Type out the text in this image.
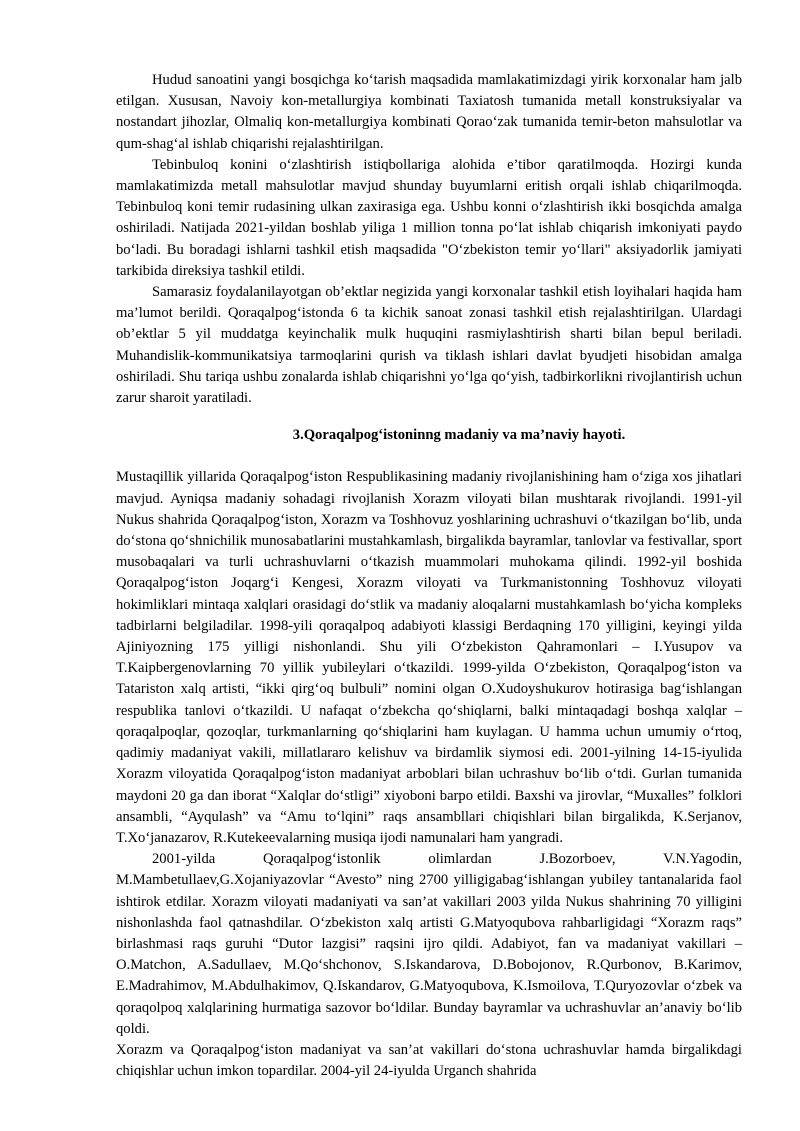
Hudud sanoatini yangi bosqichga ko‘tarish maqsadida mamlakatimizdagi yirik korxonalar ham jalb etilgan. Xususan, Navoiy kon-metallurgiya kombinati Taxiatosh tumanida metall konstruksiyalar va nostandart jihozlar, Olmaliq kon-metallurgiya kombinati Qorao‘zak tumanida temir-beton mahsulotlar va qum-shag‘al ishlab chiqarishi rejalashtirilgan.

Tebinbuloq konini o‘zlashtirish istiqbollariga alohida e’tibor qaratilmoqda. Hozirgi kunda mamlakatimizda metall mahsulotlar mavjud shunday buyumlarni eritish orqali ishlab chiqarilmoqda. Tebinbuloq koni temir rudasining ulkan zaxirasiga ega. Ushbu konni o‘zlashtirish ikki bosqichda amalga oshiriladi. Natijada 2021-yildan boshlab yiliga 1 million tonna po‘lat ishlab chiqarish imkoniyati paydo bo‘ladi. Bu boradagi ishlarni tashkil etish maqsadida "O‘zbekiston temir yo‘llari" aksiyadorlik jamiyati tarkibida direksiya tashkil etildi.

Samarasiz foydalanilayotgan ob’ektlar negizida yangi korxonalar tashkil etish loyihalari haqida ham ma’lumot berildi. Qoraqalpog‘istonda 6 ta kichik sanoat zonasi tashkil etish rejalashtirilgan. Ulardagi ob’ektlar 5 yil muddatga keyinchalik mulk huquqini rasmiylashtirish sharti bilan bepul beriladi. Muhandislik-kommunikatsiya tarmoqlarini qurish va tiklash ishlari davlat byudjeti hisobidan amalga oshiriladi. Shu tariqa ushbu zonalarda ishlab chiqarishni yo‘lga qo‘yish, tadbirkorlikni rivojlantirish uchun zarur sharoit yaratiladi.

3.Qoraqalpog‘istoninng madaniy va ma’naviy hayoti.

Mustaqillik yillarida Qoraqalpog‘iston Respublikasining madaniy rivojlanishining ham o‘ziga xos jihatlari mavjud. Ayniqsa madaniy sohadagi rivojlanish Xorazm viloyati bilan mushtarak rivojlandi. 1991-yil Nukus shahrida Qoraqalpog‘iston, Xorazm va Toshhovuz yoshlarining uchrashuvi o‘tkazilgan bo‘lib, unda do‘stona qo‘shnichilik munosabatlarini mustahkamlash, birgalikda bayramlar, tanlovlar va festivallar, sport musobaqalari va turli uchrashuvlarni o‘tkazish muammolari muhokama qilindi. 1992-yil boshida Qoraqalpog‘iston Joqarg‘i Kengesi, Xorazm viloyati va Turkmanistonning Toshhovuz viloyati hokimliklari mintaqa xalqlari orasidagi do‘stlik va madaniy aloqalarni mustahkamlash bo‘yicha kompleks tadbirlarni belgiladilar. 1998-yili qoraqalpoq adabiyoti klassigi Berdaqning 170 yilligini, keyingi yilda Ajiniyozning 175 yilligi nishonlandi. Shu yili O‘zbekiston Qahramonlari – I.Yusupov va T.Kaipbergenovlarning 70 yillik yubileylari o‘tkazildi. 1999-yilda O‘zbekiston, Qoraqalpog‘iston va Tatariston xalq artisti, “ikki qirg‘oq bulbuli” nomini olgan O.Xudoyshukurov hotirasiga bag‘ishlangan respublika tanlovi o‘tkazildi. U nafaqat o‘zbekcha qo‘shiqlarni, balki mintaqadagi boshqa xalqlar – qoraqalpoqlar, qozoqlar, turkmanlarning qo‘shiqlarini ham kuylagan. U hamma uchun umumiy o‘rtoq, qadimiy madaniyat vakili, millatlararo kelishuv va birdamlik siymosi edi. 2001-yilning 14-15-iyulida Xorazm viloyatida Qoraqalpog‘iston madaniyat arboblari bilan uchrashuv bo‘lib o‘tdi. Gurlan tumanida maydoni 20 ga dan iborat “Xalqlar do‘stligi” xiyoboni barpo etildi. Baxshi va jirovlar, “Muxalles” folklori ansambli, “Ayqulash” va “Amu to‘lqini” raqs ansambllari chiqishlari bilan birgalikda, K.Serjanov, T.Xo‘janazarov, R.Kutekeevalarning musiqa ijodi namunalari ham yangradi.

2001-yilda Qoraqalpog‘istonlik olimlardan J.Bozorboev, V.N.Yagodin, M.Mambetullaev,G.Xojaniyazovlar “Avesto” ning 2700 yilligigabag‘ishlangan yubiley tantanalarida faol ishtirok etdilar. Xorazm viloyati madaniyati va san’at vakillari 2003 yilda Nukus shahrining 70 yilligini nishonlashda faol qatnashdilar. O‘zbekiston xalq artisti G.Matyoqubova rahbarligidagi “Xorazm raqs” birlashmasi raqs guruhi “Dutor lazgisi” raqsini ijro qildi. Adabiyot, fan va madaniyat vakillari – O.Matchon, A.Sadullaev, M.Qo‘shchonov, S.Iskandarova, D.Bobojonov, R.Qurbonov, B.Karimov, E.Madrahimov, M.Abdulhakimov, Q.Iskandarov, G.Matyoqubova, K.Ismoilova, T.Quryozovlar o‘zbek va qoraqolpoq xalqlarining hurmatiga sazovor bo‘ldilar. Bunday bayramlar va uchrashuvlar an’anaviy bo‘lib qoldi.

Xorazm va Qoraqalpog‘iston madaniyat va san’at vakillari do‘stona uchrashuvlar hamda birgalikdagi chiqishlar uchun imkon topardilar. 2004-yil 24-iyulda Urganch shahrida
